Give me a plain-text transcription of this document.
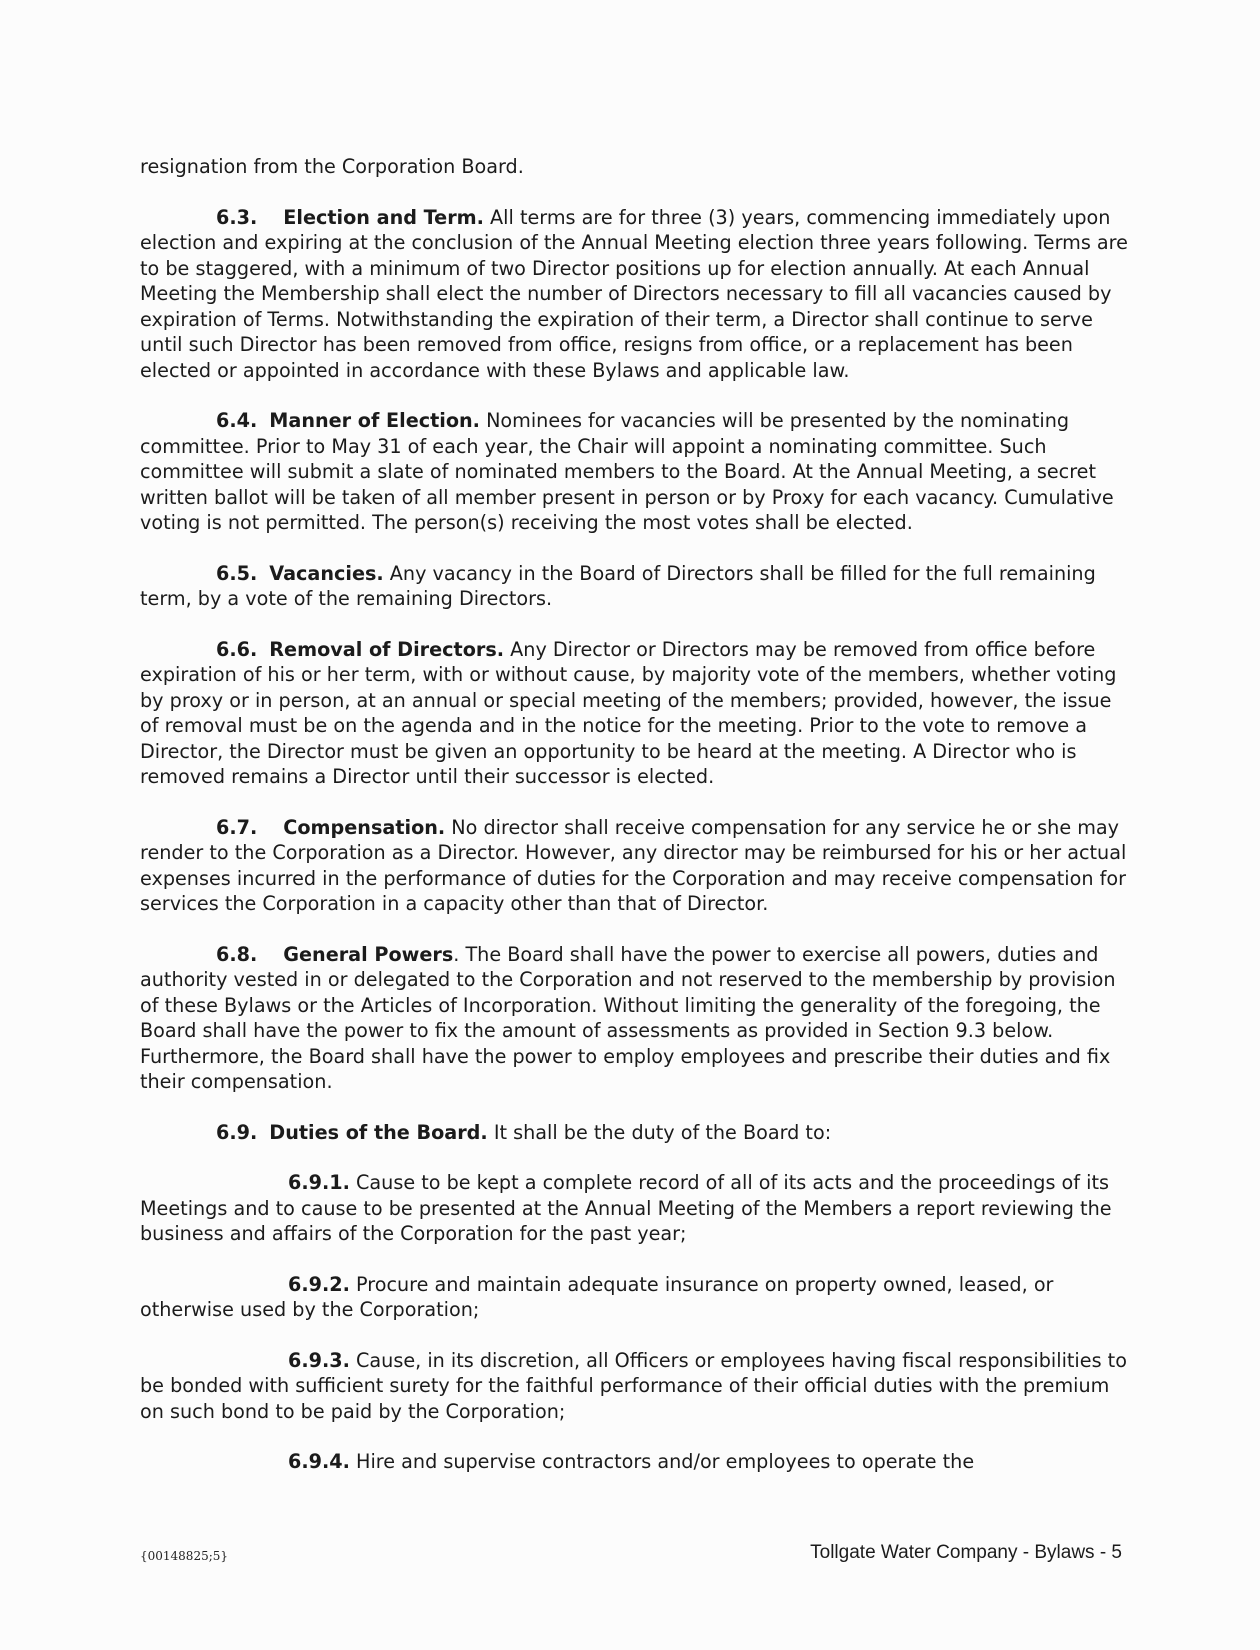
resignation from the Corporation Board.

6.3. Election and Term. All terms are for three (3) years, commencing immediately upon election and expiring at the conclusion of the Annual Meeting election three years following. Terms are to be staggered, with a minimum of two Director positions up for election annually. At each Annual Meeting the Membership shall elect the number of Directors necessary to fill all vacancies caused by expiration of Terms. Notwithstanding the expiration of their term, a Director shall continue to serve until such Director has been removed from office, resigns from office, or a replacement has been elected or appointed in accordance with these Bylaws and applicable law.

6.4. Manner of Election. Nominees for vacancies will be presented by the nominating committee. Prior to May 31 of each year, the Chair will appoint a nominating committee. Such committee will submit a slate of nominated members to the Board. At the Annual Meeting, a secret written ballot will be taken of all member present in person or by Proxy for each vacancy. Cumulative voting is not permitted. The person(s) receiving the most votes shall be elected.

6.5. Vacancies. Any vacancy in the Board of Directors shall be filled for the full remaining term, by a vote of the remaining Directors.

6.6. Removal of Directors. Any Director or Directors may be removed from office before expiration of his or her term, with or without cause, by majority vote of the members, whether voting by proxy or in person, at an annual or special meeting of the members; provided, however, the issue of removal must be on the agenda and in the notice for the meeting. Prior to the vote to remove a Director, the Director must be given an opportunity to be heard at the meeting. A Director who is removed remains a Director until their successor is elected.

6.7. Compensation. No director shall receive compensation for any service he or she may render to the Corporation as a Director. However, any director may be reimbursed for his or her actual expenses incurred in the performance of duties for the Corporation and may receive compensation for services the Corporation in a capacity other than that of Director.

6.8. General Powers. The Board shall have the power to exercise all powers, duties and authority vested in or delegated to the Corporation and not reserved to the membership by provision of these Bylaws or the Articles of Incorporation. Without limiting the generality of the foregoing, the Board shall have the power to fix the amount of assessments as provided in Section 9.3 below. Furthermore, the Board shall have the power to employ employees and prescribe their duties and fix their compensation.

6.9. Duties of the Board. It shall be the duty of the Board to:

6.9.1. Cause to be kept a complete record of all of its acts and the proceedings of its Meetings and to cause to be presented at the Annual Meeting of the Members a report reviewing the business and affairs of the Corporation for the past year;

6.9.2. Procure and maintain adequate insurance on property owned, leased, or otherwise used by the Corporation;

6.9.3. Cause, in its discretion, all Officers or employees having fiscal responsibilities to be bonded with sufficient surety for the faithful performance of their official duties with the premium on such bond to be paid by the Corporation;

6.9.4. Hire and supervise contractors and/or employees to operate the

{00148825;5}	Tollgate Water Company - Bylaws - 5
